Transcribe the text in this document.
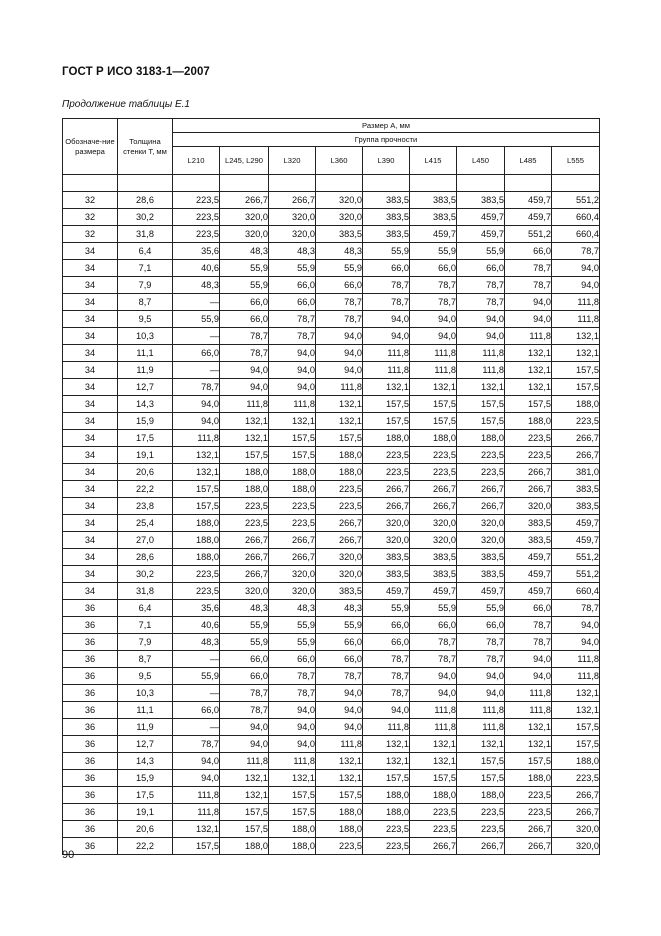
ГОСТ Р ИСО 3183-1—2007
Продолжение таблицы Е.1
Обозначе-ние размера	Толщина стенки Т, мм	Размер А, мм								
		Группа прочности								
		L210	L245, L290	L320	L360	L390	L415	L450	L485	L555

32	28,6	223,5	266,7	266,7	320,0	383,5	383,5	383,5	459,7	551,2
32	30,2	223,5	320,0	320,0	320,0	383,5	383,5	459,7	459,7	660,4
32	31,8	223,5	320,0	320,0	383,5	383,5	459,7	459,7	551,2	660,4
34	6,4	35,6	48,3	48,3	48,3	55,9	55,9	55,9	66,0	78,7
34	7,1	40,6	55,9	55,9	55,9	66,0	66,0	66,0	78,7	94,0
34	7,9	48,3	55,9	66,0	66,0	78,7	78,7	78,7	78,7	94,0
34	8,7	—	66,0	66,0	78,7	78,7	78,7	78,7	94,0	111,8
34	9,5	55,9	66,0	78,7	78,7	94,0	94,0	94,0	94,0	111,8
34	10,3	—	78,7	78,7	94,0	94,0	94,0	94,0	111,8	132,1
34	11,1	66,0	78,7	94,0	94,0	111,8	111,8	111,8	132,1	132,1
34	11,9	—	94,0	94,0	94,0	111,8	111,8	111,8	132,1	157,5
34	12,7	78,7	94,0	94,0	111,8	132,1	132,1	132,1	132,1	157,5
34	14,3	94,0	111,8	111,8	132,1	157,5	157,5	157,5	157,5	188,0
34	15,9	94,0	132,1	132,1	132,1	157,5	157,5	157,5	188,0	223,5
34	17,5	111,8	132,1	157,5	157,5	188,0	188,0	188,0	223,5	266,7
34	19,1	132,1	157,5	157,5	188,0	223,5	223,5	223,5	223,5	266,7
34	20,6	132,1	188,0	188,0	188,0	223,5	223,5	223,5	266,7	381,0
34	22,2	157,5	188,0	188,0	223,5	266,7	266,7	266,7	266,7	383,5
34	23,8	157,5	223,5	223,5	223,5	266,7	266,7	266,7	320,0	383,5
34	25,4	188,0	223,5	223,5	266,7	320,0	320,0	320,0	383,5	459,7
34	27,0	188,0	266,7	266,7	266,7	320,0	320,0	320,0	383,5	459,7
34	28,6	188,0	266,7	266,7	320,0	383,5	383,5	383,5	459,7	551,2
34	30,2	223,5	266,7	320,0	320,0	383,5	383,5	383,5	459,7	551,2
34	31,8	223,5	320,0	320,0	383,5	459,7	459,7	459,7	459,7	660,4
36	6,4	35,6	48,3	48,3	48,3	55,9	55,9	55,9	66,0	78,7
36	7,1	40,6	55,9	55,9	55,9	66,0	66,0	66,0	78,7	94,0
36	7,9	48,3	55,9	55,9	66,0	66,0	78,7	78,7	78,7	94,0
36	8,7	—	66,0	66,0	66,0	78,7	78,7	78,7	94,0	111,8
36	9,5	55,9	66,0	78,7	78,7	78,7	94,0	94,0	94,0	111,8
36	10,3	—	78,7	78,7	94,0	78,7	94,0	94,0	111,8	132,1
36	11,1	66,0	78,7	94,0	94,0	94,0	111,8	111,8	111,8	132,1
36	11,9	—	94,0	94,0	94,0	111,8	111,8	111,8	132,1	157,5
36	12,7	78,7	94,0	94,0	111,8	132,1	132,1	132,1	132,1	157,5
36	14,3	94,0	111,8	111,8	132,1	132,1	132,1	157,5	157,5	188,0
36	15,9	94,0	132,1	132,1	132,1	157,5	157,5	157,5	188,0	223,5
36	17,5	111,8	132,1	157,5	157,5	188,0	188,0	188,0	223,5	266,7
36	19,1	111,8	157,5	157,5	188,0	188,0	223,5	223,5	223,5	266,7
36	20,6	132,1	157,5	188,0	188,0	223,5	223,5	223,5	266,7	320,0
36	22,2	157,5	188,0	188,0	223,5	223,5	266,7	266,7	266,7	320,0
90
